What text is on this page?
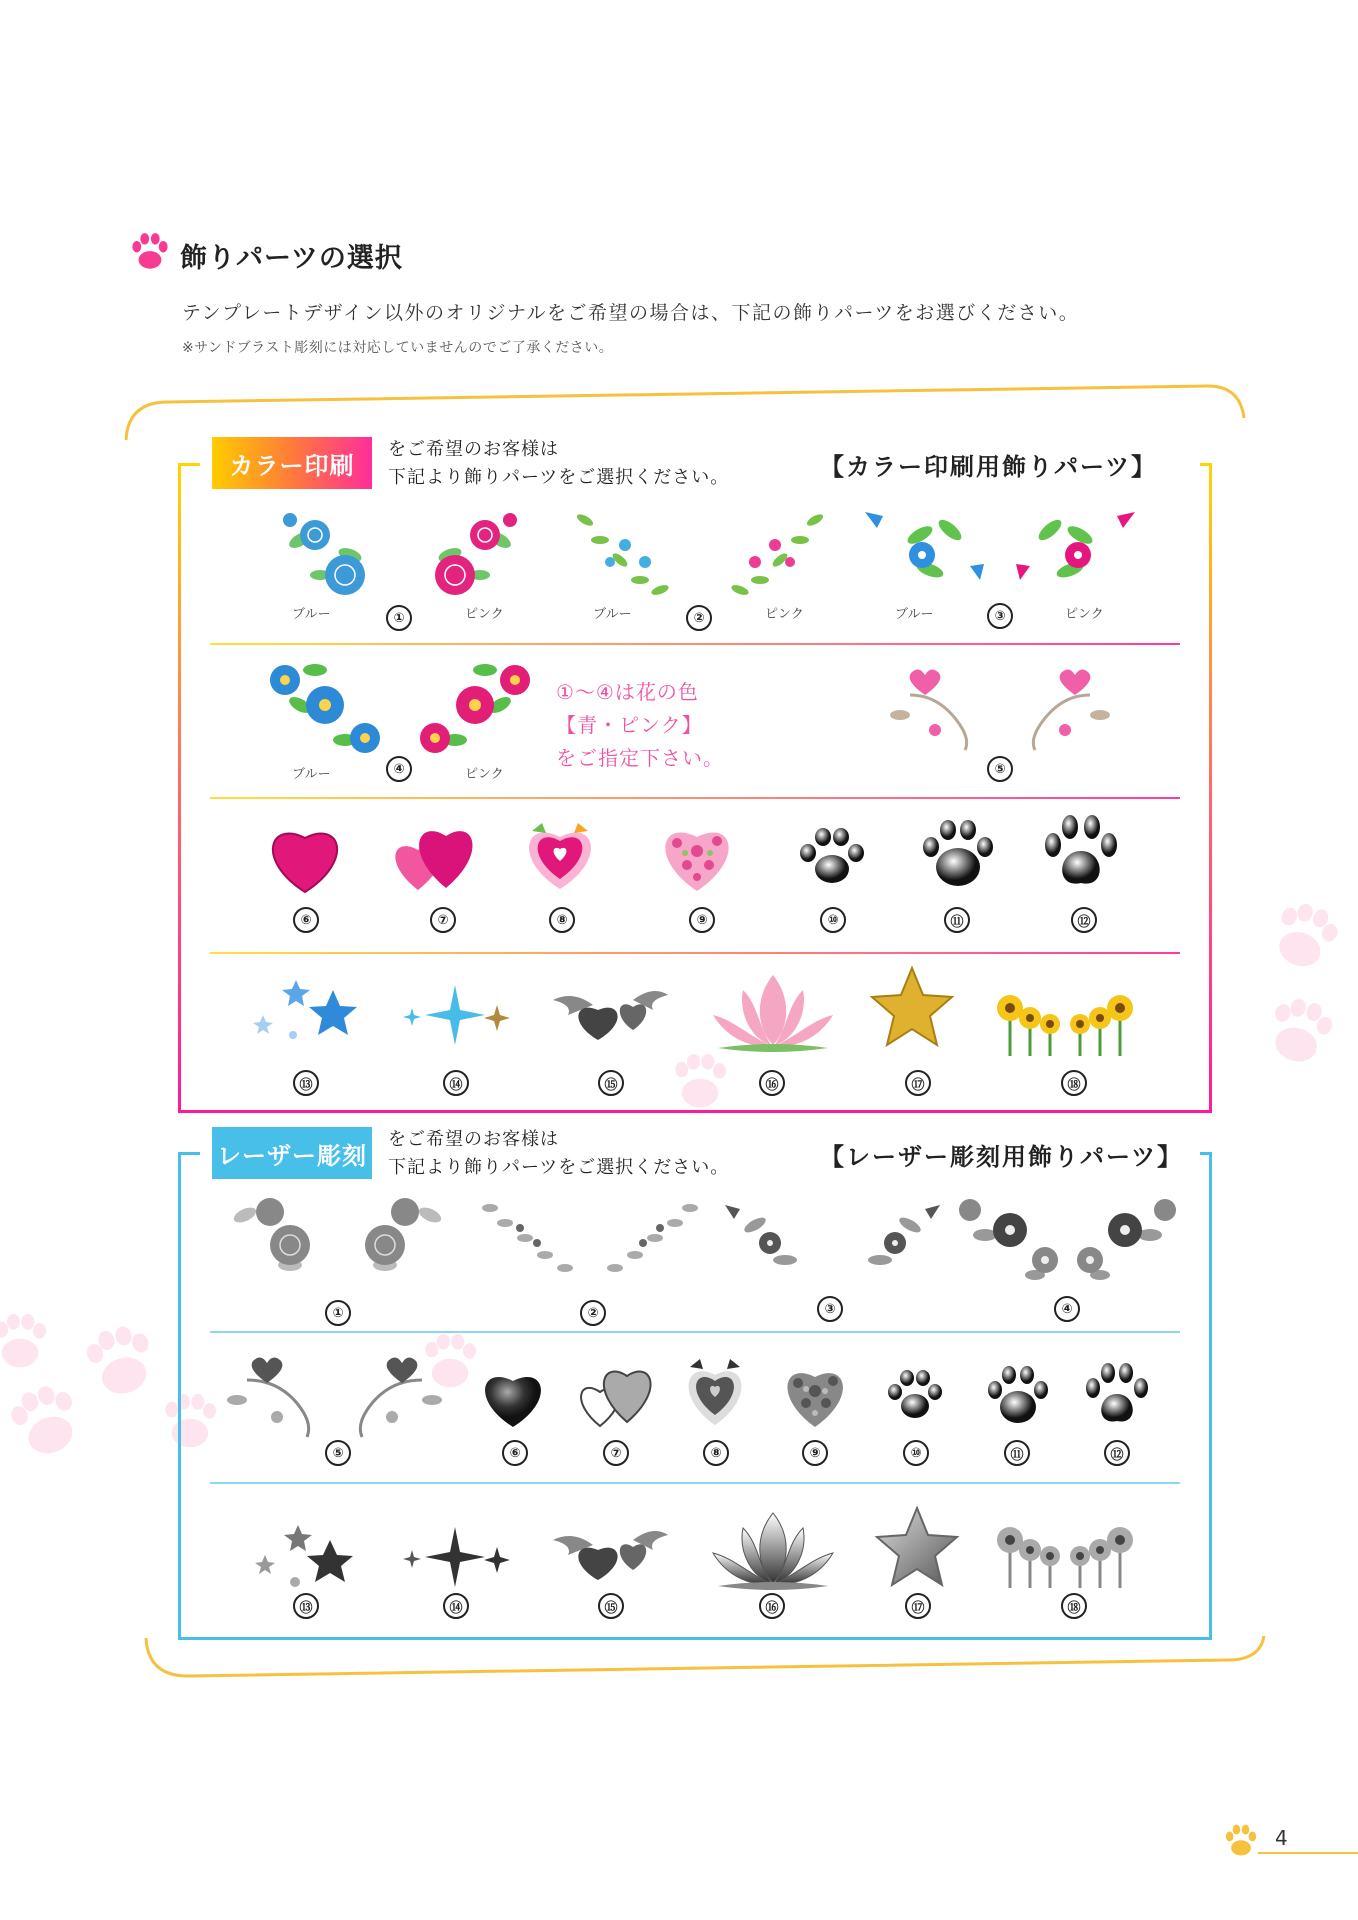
飾りパーツの選択
テンプレートデザイン以外のオリジナルをご希望の場合は、下記の飾りパーツをお選びください。
※サンドブラスト彫刻には対応していませんのでご了承ください。
カラー印刷
をご希望のお客様は
下記より飾りパーツをご選択ください。	【カラー印刷用飾りパーツ】
ブルー	ピンク	ブルー	ピンク	ブルー	ピンク
①	②	③
ブルー	ピンク
④
①〜④は花の色
【青・ピンク】
をご指定下さい。	⑤
⑥	⑦	⑧	⑨	⑩	⑪	⑫
⑬	⑭	⑮	⑯	⑰	⑱
レーザー彫刻
をご希望のお客様は
下記より飾りパーツをご選択ください。	【レーザー彫刻用飾りパーツ】
①	②	③	④
⑤	⑥	⑦	⑧	⑨	⑩	⑪	⑫
⑬	⑭	⑮	⑯	⑰	⑱
4
